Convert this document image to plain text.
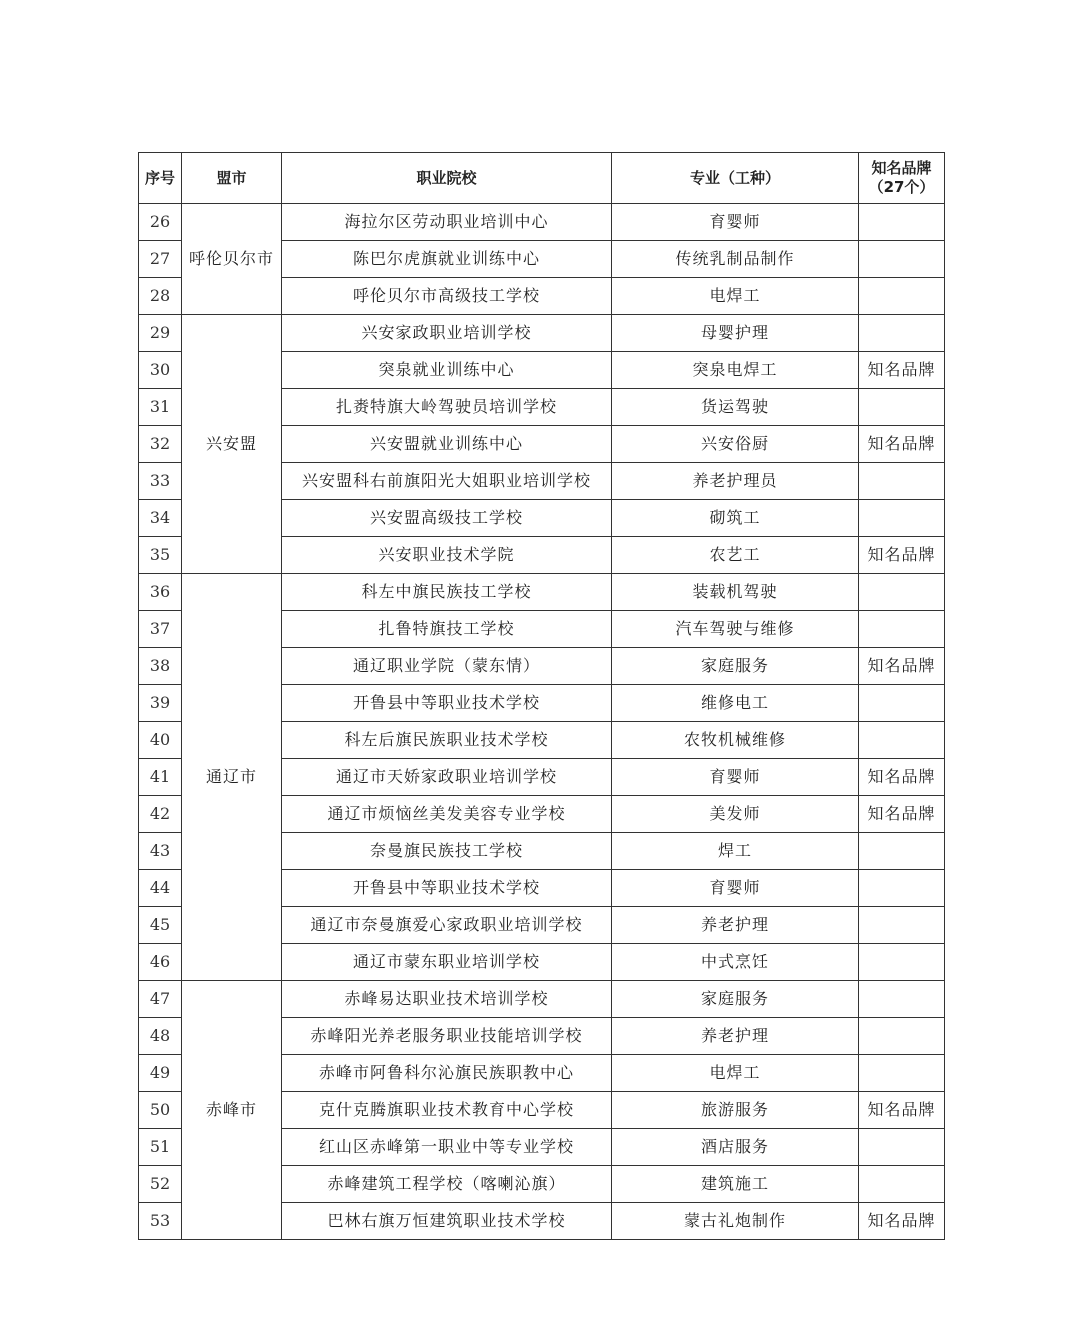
序号	盟市	职业院校	专业（工种）	知名品牌
（27个）

26	呼伦贝尔市	海拉尔区劳动职业培训中心	育婴师	
27		陈巴尔虎旗就业训练中心	传统乳制品制作	
28		呼伦贝尔市高级技工学校	电焊工	
29	兴安盟	兴安家政职业培训学校	母婴护理	
30		突泉就业训练中心	突泉电焊工	知名品牌
31		扎赉特旗大岭驾驶员培训学校	货运驾驶	
32		兴安盟就业训练中心	兴安俗厨	知名品牌
33		兴安盟科右前旗阳光大姐职业培训学校	养老护理员	
34		兴安盟高级技工学校	砌筑工	
35		兴安职业技术学院	农艺工	知名品牌
36	通辽市	科左中旗民族技工学校	装载机驾驶	
37		扎鲁特旗技工学校	汽车驾驶与维修	
38		通辽职业学院（蒙东情）	家庭服务	知名品牌
39		开鲁县中等职业技术学校	维修电工	
40		科左后旗民族职业技术学校	农牧机械维修	
41		通辽市天娇家政职业培训学校	育婴师	知名品牌
42		通辽市烦恼丝美发美容专业学校	美发师	知名品牌
43		奈曼旗民族技工学校	焊工	
44		开鲁县中等职业技术学校	育婴师	
45		通辽市奈曼旗爱心家政职业培训学校	养老护理	
46		通辽市蒙东职业培训学校	中式烹饪	
47	赤峰市	赤峰易达职业技术培训学校	家庭服务	
48		赤峰阳光养老服务职业技能培训学校	养老护理	
49		赤峰市阿鲁科尔沁旗民族职教中心	电焊工	
50		克什克腾旗职业技术教育中心学校	旅游服务	知名品牌
51		红山区赤峰第一职业中等专业学校	酒店服务	
52		赤峰建筑工程学校（喀喇沁旗）	建筑施工	
53		巴林右旗万恒建筑职业技术学校	蒙古礼炮制作	知名品牌
